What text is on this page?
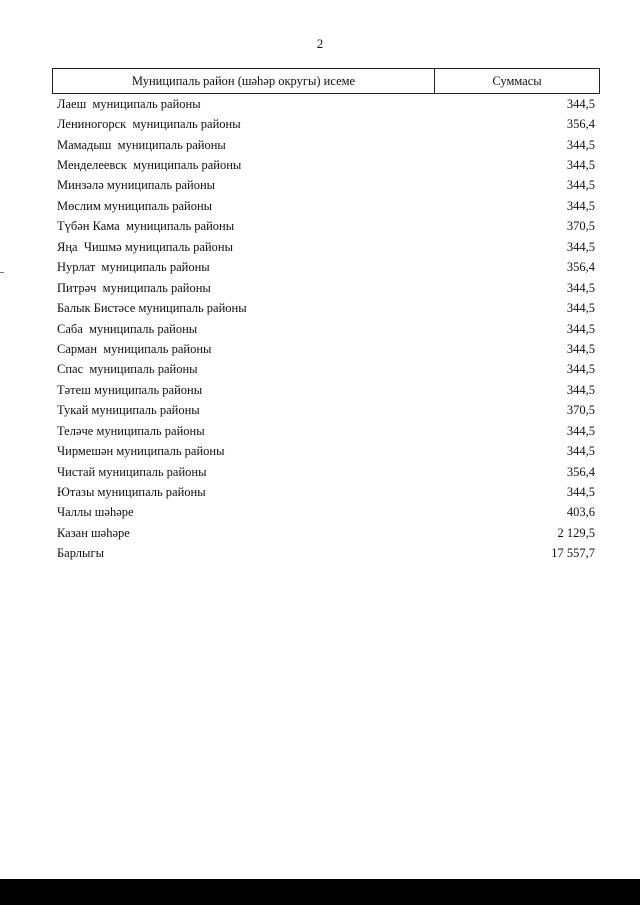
2
Муниципаль район (шәһәр округы) исеме	Суммасы
Лаеш  муниципаль районы	344,5
Лениногорск  муниципаль районы	356,4
Мамадыш  муниципаль районы	344,5
Менделеевск  муниципаль районы	344,5
Минзәлә муниципаль районы	344,5
Мөслим муниципаль районы	344,5
Түбән Кама  муниципаль районы	370,5
Яңа  Чишмә муниципаль районы	344,5
Нурлат  муниципаль районы	356,4
Питрәч  муниципаль районы	344,5
Балык Бистәсе муниципаль районы	344,5
Саба  муниципаль районы	344,5
Сарман  муниципаль районы	344,5
Спас  муниципаль районы	344,5
Тәтеш муниципаль районы	344,5
Тукай муниципаль районы	370,5
Теләче муниципаль районы	344,5
Чирмешән муниципаль районы	344,5
Чистай муниципаль районы	356,4
Ютазы муниципаль районы	344,5
Чаллы шәһәре	403,6
Казан шәһәре	2 129,5
Барлыгы	17 557,7
